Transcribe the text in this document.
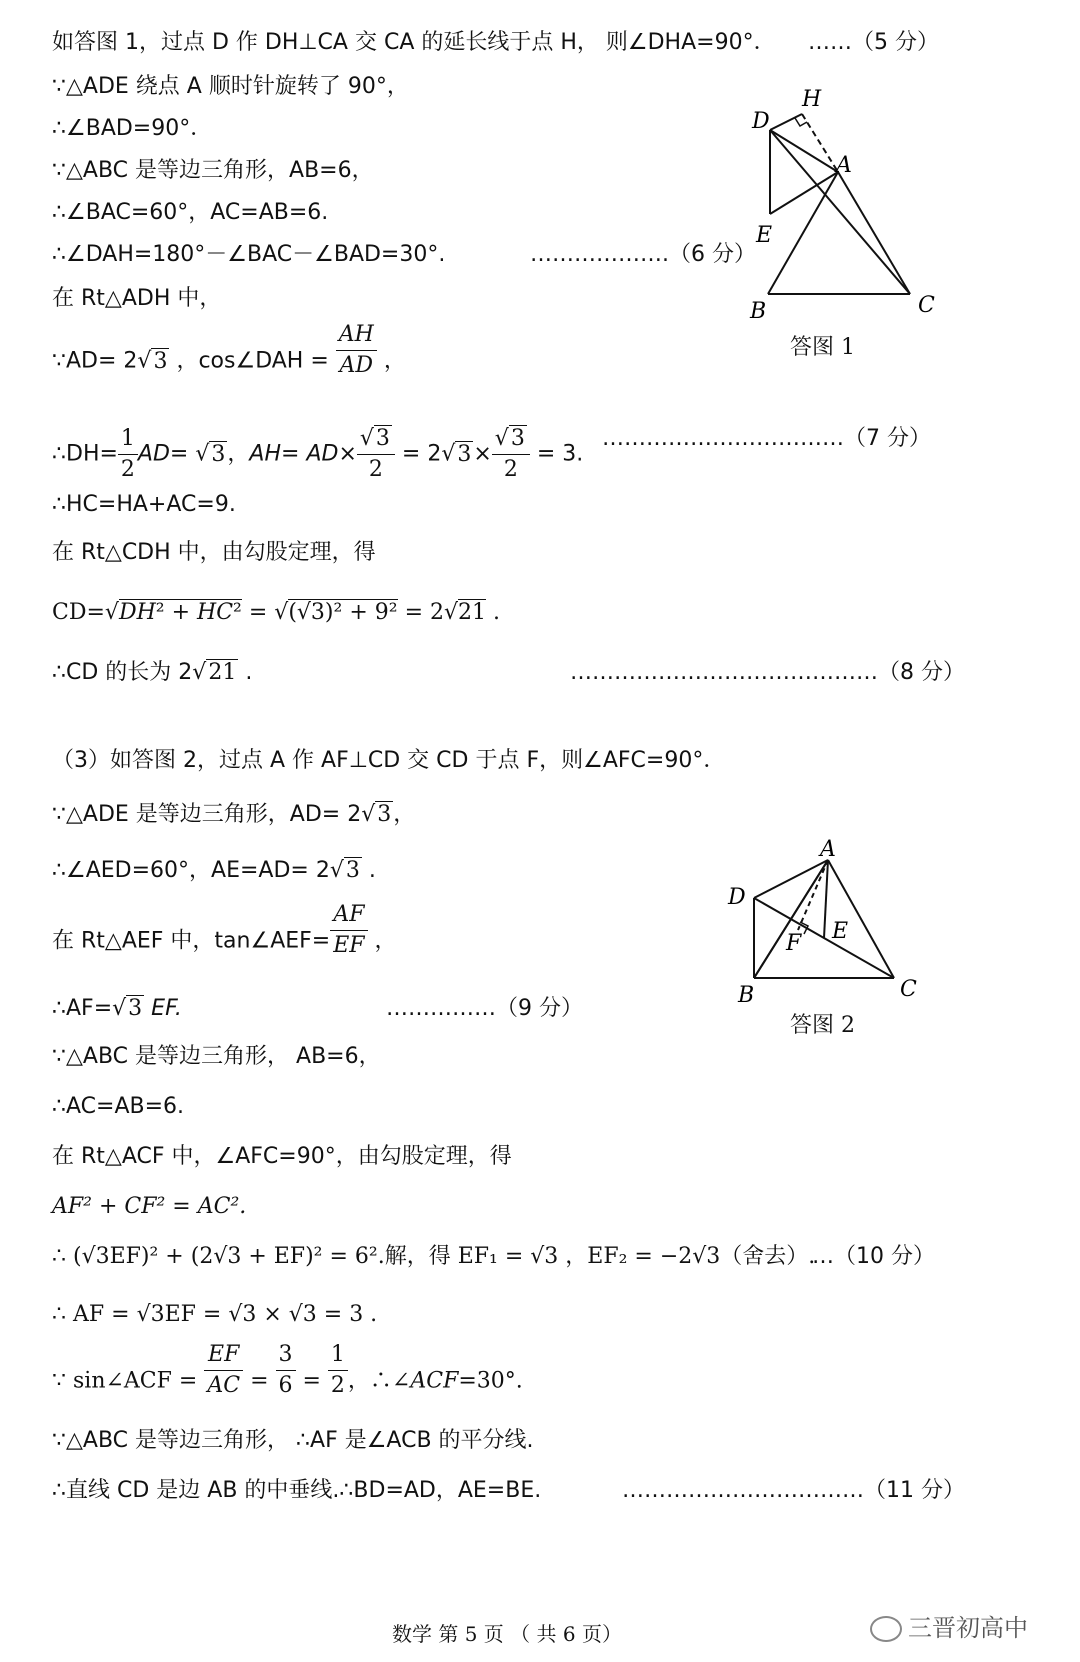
如答图 1，过点 D 作 DH⊥CA 交 CA 的延长线于点 H， 则∠DHA=90°． ……（5 分）
∵△ADE 绕点 A 顺时针旋转了 90°，
∴∠BAD=90°．
∵△ABC 是等边三角形，AB=6，
∴∠BAC=60°，AC=AB=6.
∴∠DAH=180°－∠BAC－∠BAD=30°.	……………….（6 分）
在 Rt△ADH 中，
∵AD= 2√3 ，cos∠DAH = $\frac{AH}{AD}$ ，
∴DH= $\frac{1}{2} AD= √3$，$AH= AD\times \frac{√3}{2} = 2√3\times \frac{√3}{2} = 3$.
……………………………（7 分）
∴HC=HA+AC=9.
在 Rt△CDH 中，由勾股定理，得
CD=√DH² + HC² = √(√3)² + 9² = 2√21 .
∴CD 的长为 2√21 .	……………………………………（8 分）
（3）如答图 2，过点 A 作 AF⊥CD 交 CD 于点 F，则∠AFC=90°．
∵△ADE 是等边三角形，AD= 2√3，
∴∠AED=60°，AE=AD= 2√3 .
在 Rt△AEF 中，tan∠AEF= $\frac{AF}{EF}$ ，
∴AF=√3 EF.	……………（9 分）
∵△ABC 是等边三角形， AB=6，
∴AC=AB=6.
在 Rt△ACF 中，∠AFC=90°，由勾股定理，得
AF² + CF² = AC².
∴ (√3EF)² + (2√3 + EF)² = 6².解，得 EF₁ = √3 ，EF₂ = −2√3（舍去）.
…（10 分）
∴ AF = √3EF = √3 × √3 = 3 .
∵ sin∠ACF = $\frac{EF}{AC} = \frac{3}{6} = \frac{1}{2}$ ，∴∠ACF=30°.
∵△ABC 是等边三角形， ∴AF 是∠ACB 的平分线.
∴直线 CD 是边 AB 的中垂线.∴BD=AD，AE=BE.	……………………………（11 分）
D
H
A
E
B	C
答图 1
A
D
F E
B	C
答图 2
数学 第 5 页 （ 共 6 页）	三晋初高中
